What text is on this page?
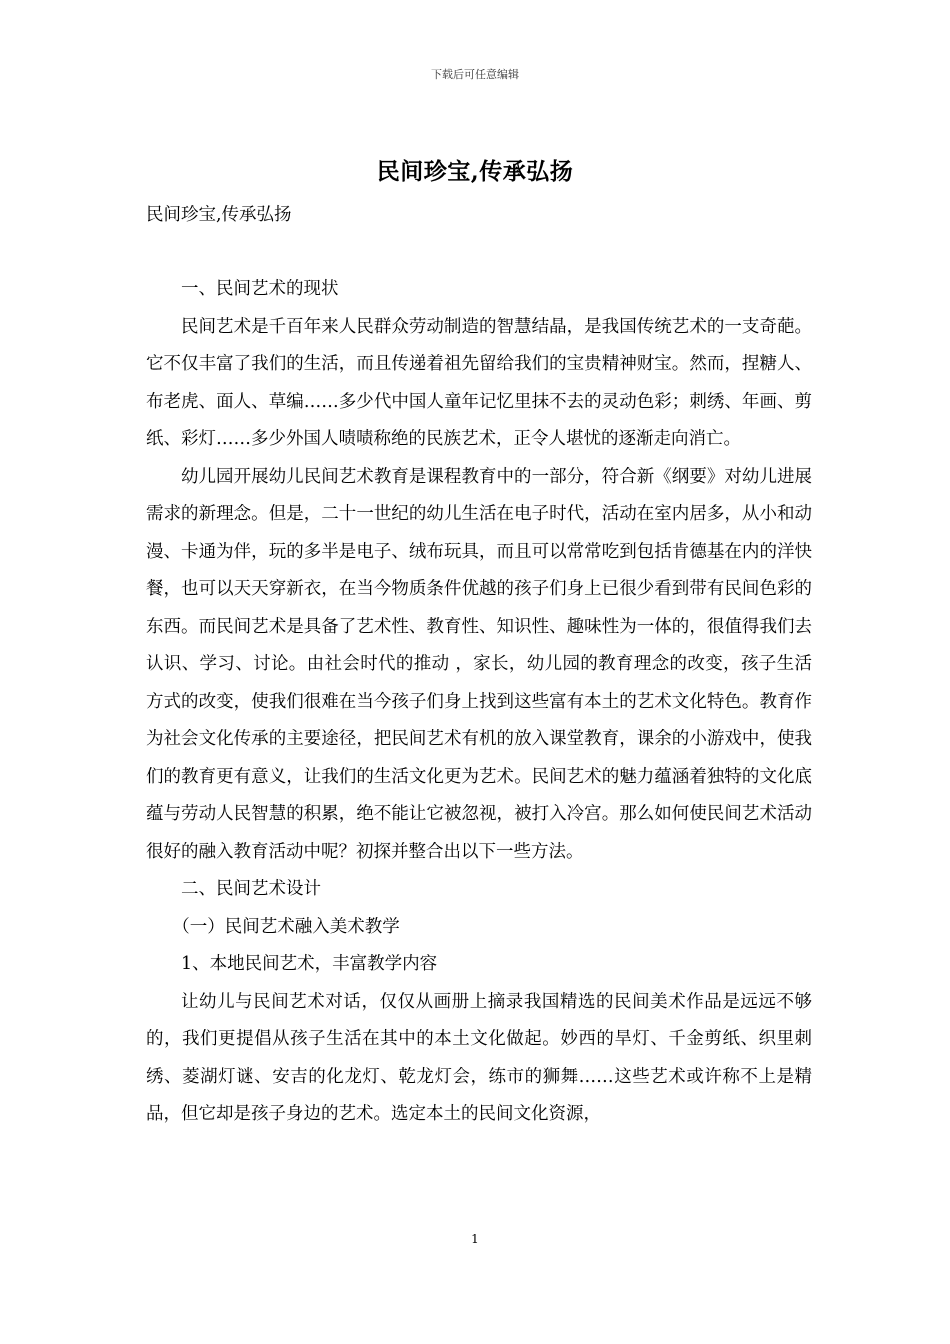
下载后可任意编辑
民间珍宝,传承弘扬
民间珍宝,传承弘扬

一、民间艺术的现状

民间艺术是千百年来人民群众劳动制造的智慧结晶，是我国传统艺术的一支奇葩。它不仅丰富了我们的生活，而且传递着祖先留给我们的宝贵精神财宝。然而，捏糖人、布老虎、面人、草编……多少代中国人童年记忆里抹不去的灵动色彩；刺绣、年画、剪纸、彩灯……多少外国人啧啧称绝的民族艺术，正令人堪忧的逐渐走向消亡。

幼儿园开展幼儿民间艺术教育是课程教育中的一部分，符合新《纲要》对幼儿进展需求的新理念。但是，二十一世纪的幼儿生活在电子时代，活动在室内居多，从小和动漫、卡通为伴，玩的多半是电子、绒布玩具，而且可以常常吃到包括肯德基在内的洋快餐，也可以天天穿新衣，在当今物质条件优越的孩子们身上已很少看到带有民间色彩的东西。而民间艺术是具备了艺术性、教育性、知识性、趣味性为一体的，很值得我们去认识、学习、讨论。由社会时代的推动 ，家长，幼儿园的教育理念的改变，孩子生活方式的改变，使我们很难在当今孩子们身上找到这些富有本土的艺术文化特色。教育作为社会文化传承的主要途径，把民间艺术有机的放入课堂教育，课余的小游戏中，使我们的教育更有意义，让我们的生活文化更为艺术。民间艺术的魅力蕴涵着独特的文化底蕴与劳动人民智慧的积累，绝不能让它被忽视，被打入冷宫。那么如何使民间艺术活动很好的融入教育活动中呢？初探并整合出以下一些方法。

二、民间艺术设计

（一）民间艺术融入美术教学

1、本地民间艺术，丰富教学内容

让幼儿与民间艺术对话，仅仅从画册上摘录我国精选的民间美术作品是远远不够的，我们更提倡从孩子生活在其中的本土文化做起。妙西的旱灯、千金剪纸、织里刺绣、菱湖灯谜、安吉的化龙灯、乾龙灯会，练市的狮舞……这些艺术或许称不上是精品，但它却是孩子身边的艺术。选定本土的民间文化资源，

1
